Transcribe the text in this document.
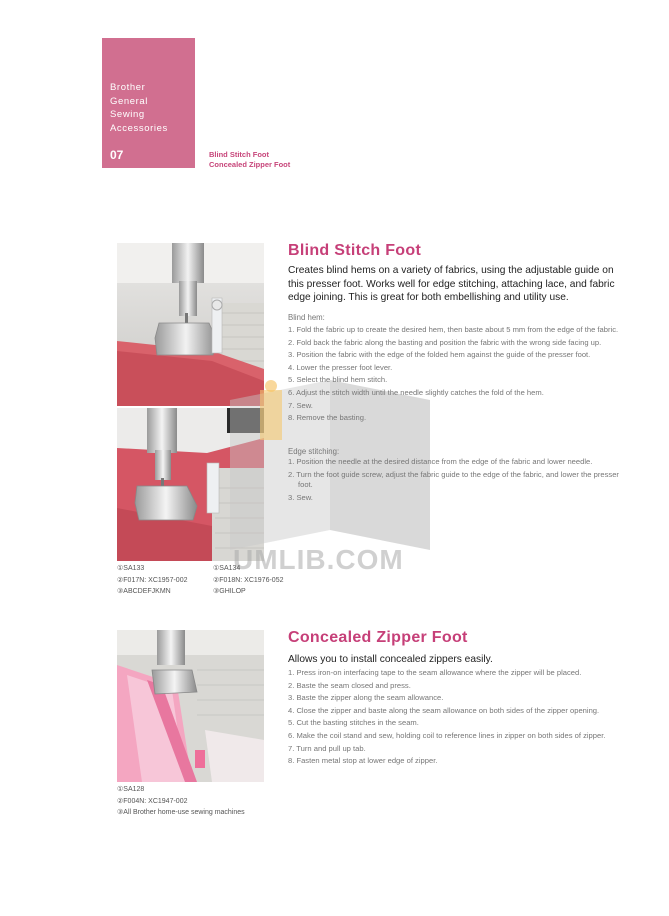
Brother
General
Sewing
Accessories
07	Blind Stitch Foot
Concealed Zipper Foot
UMLIB.COM
Blind Stitch Foot
Creates blind hems on a variety of fabrics, using the adjustable guide on this presser foot. Works well for edge stitching, attaching lace, and fabric edge joining. This is great for both embellishing and utility use.
Blind hem:
1. Fold the fabric up to create the desired hem, then baste about 5 mm from the edge of the fabric.
2. Fold back the fabric along the basting and position the fabric with the wrong side facing up.
3. Position the fabric with the edge of the folded hem against the guide of the presser foot.
4. Lower the presser foot lever.
5. Select the blind hem stitch.
6. Adjust the stitch width until the needle slightly catches the fold of the hem.
7. Sew.
8. Remove the basting.
Edge stitching:
1. Position the needle at the desired distance from the edge of the fabric and lower needle.
2. Turn the foot guide screw, adjust the fabric guide to the edge of the fabric, and lower the presser foot.
3. Sew.
①SA133
②F017N: XC1957-002
③ABCDEFJKMN
①SA134
②F018N: XC1976-052
③GHILOP
Concealed Zipper Foot
Allows you to install concealed zippers easily.
1. Press iron-on interfacing tape to the seam allowance where the zipper will be placed.
2. Baste the seam closed and press.
3. Baste the zipper along the seam allowance.
4. Close the zipper and baste along the seam allowance on both sides of the zipper opening.
5. Cut the basting stitches in the seam.
6. Make the coil stand and sew, holding coil to reference lines in zipper on both sides of zipper.
7. Turn and pull up tab.
8. Fasten metal stop at lower edge of zipper.
①SA128
②F004N: XC1947-002
③All Brother home-use sewing machines
